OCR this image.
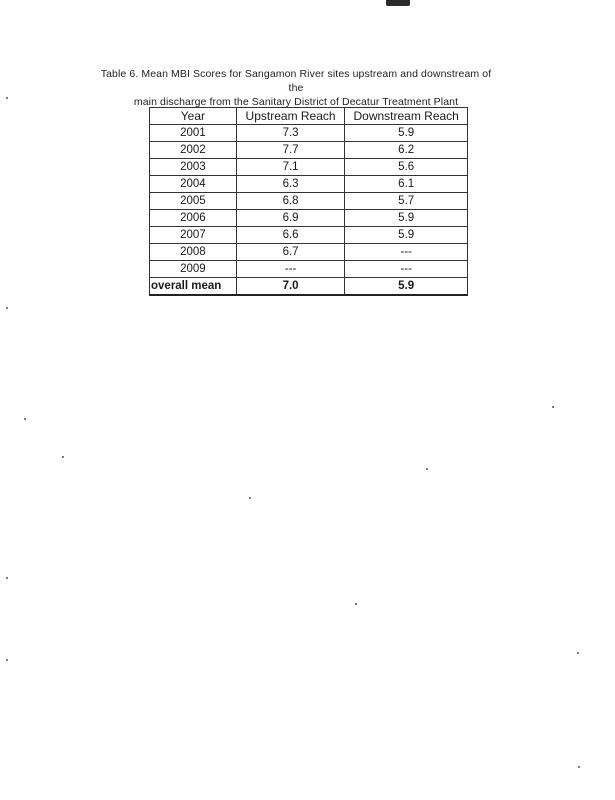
Table 6. Mean MBI Scores for Sangamon River sites upstream and downstream of the
main discharge from the Sanitary District of Decatur Treatment Plant
Year	Upstream Reach	Downstream Reach
2001	7.3	5.9
2002	7.7	6.2
2003	7.1	5.6
2004	6.3	6.1
2005	6.8	5.7
2006	6.9	5.9
2007	6.6	5.9
2008	6.7	---
2009	---	---
overall mean	7.0	5.9
